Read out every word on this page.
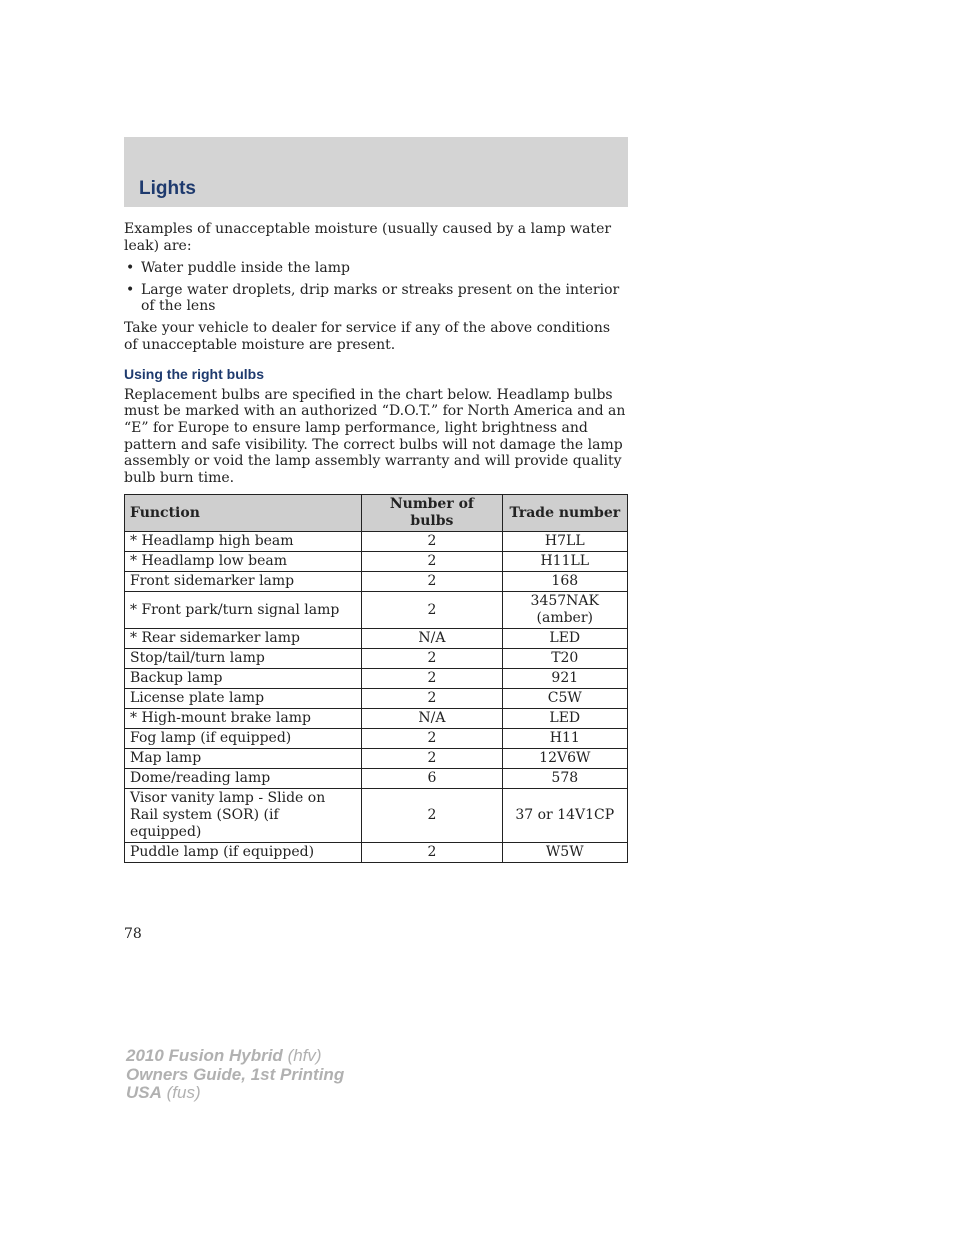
Lights

Examples of unacceptable moisture (usually caused by a lamp water leak) are:

• Water puddle inside the lamp
• Large water droplets, drip marks or streaks present on the interior of the lens

Take your vehicle to dealer for service if any of the above conditions of unacceptable moisture are present.

Using the right bulbs

Replacement bulbs are specified in the chart below. Headlamp bulbs must be marked with an authorized “D.O.T.” for North America and an “E” for Europe to ensure lamp performance, light brightness and pattern and safe visibility. The correct bulbs will not damage the lamp assembly or void the lamp assembly warranty and will provide quality bulb burn time.

Function	Number of bulbs	Trade number
* Headlamp high beam	2	H7LL
* Headlamp low beam	2	H11LL
Front sidemarker lamp	2	168
* Front park/turn signal lamp	2	3457NAK (amber)
* Rear sidemarker lamp	N/A	LED
Stop/tail/turn lamp	2	T20
Backup lamp	2	921
License plate lamp	2	C5W
* High-mount brake lamp	N/A	LED
Fog lamp (if equipped)	2	H11
Map lamp	2	12V6W
Dome/reading lamp	6	578
Visor vanity lamp - Slide on Rail system (SOR) (if equipped)	2	37 or 14V1CP
Puddle lamp (if equipped)	2	W5W
78
2010 Fusion Hybrid (hfv)
Owners Guide, 1st Printing
USA (fus)
